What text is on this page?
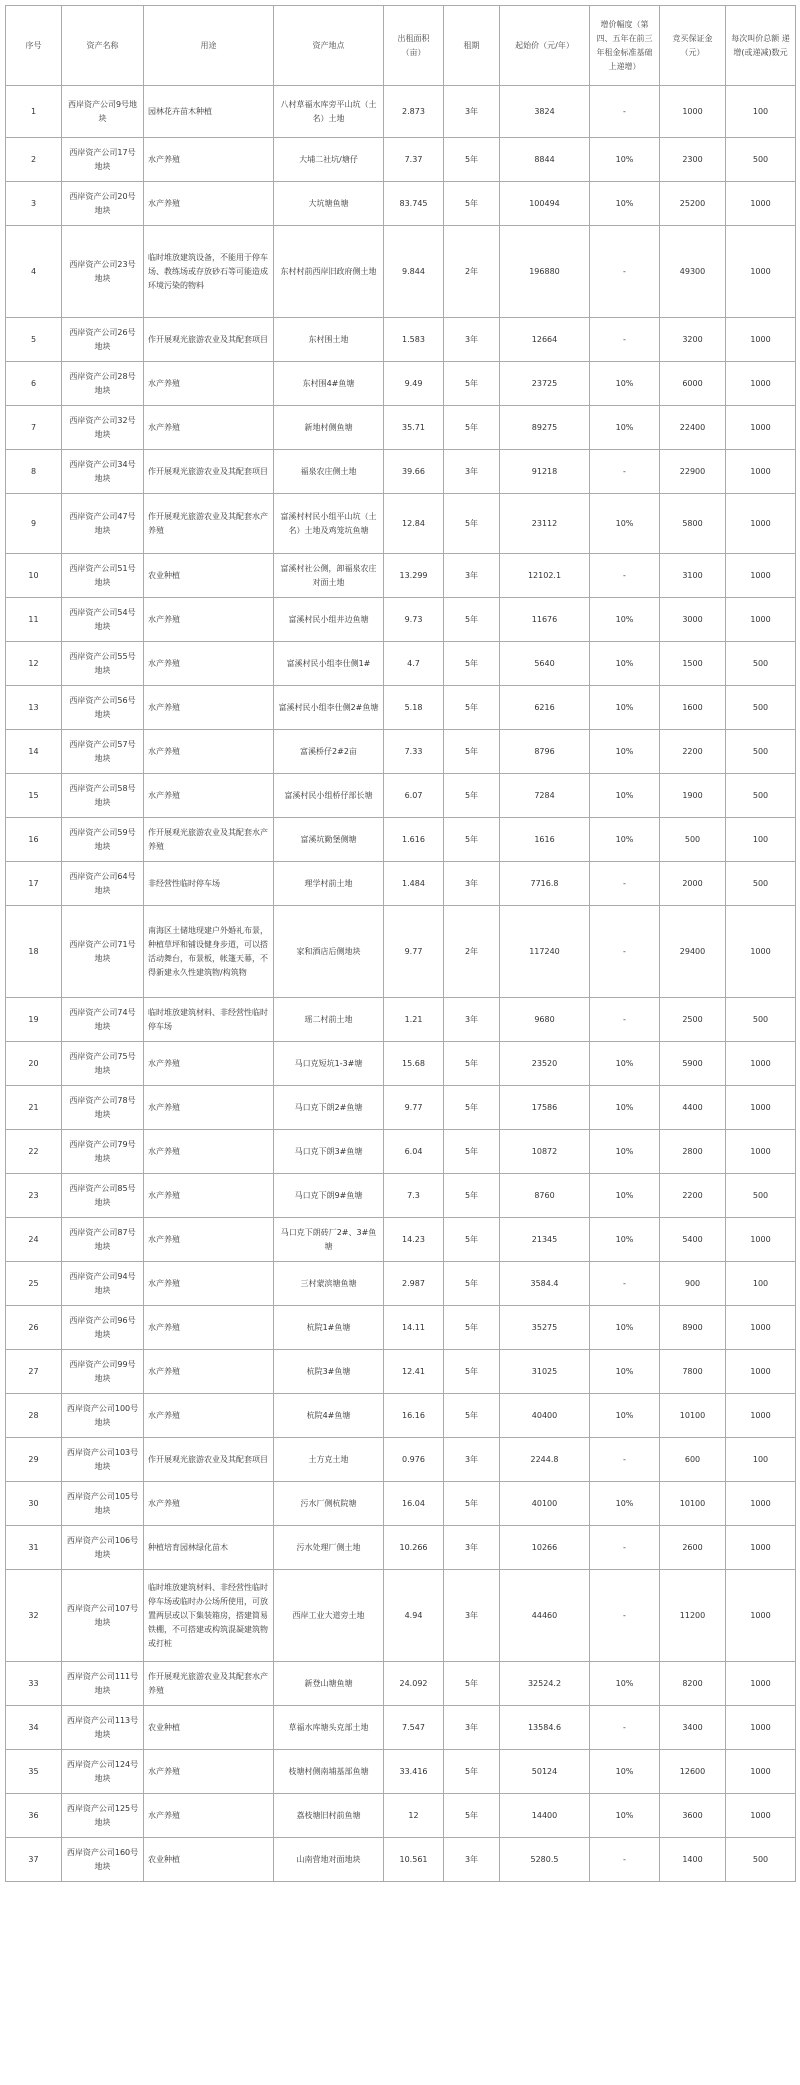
序号	资产名称	用途	资产地点	出租面积（亩）	租期	起始价（元/年）	增价幅度（第四、五年在前三年租金标准基础上递增）	竞买保证金（元）	每次叫价总额 递增(或递减)数元
1	西岸资产公司9号地块	园林花卉苗木种植	八村草福水库旁平山坑（土名）土地	2.873	3年	3824	-	1000	100
2	西岸资产公司17号地块	水产养殖	大埔二社坑/塘仔	7.37	5年	8844	10%	2300	500
3	西岸资产公司20号地块	水产养殖	大坑塘鱼塘	83.745	5年	100494	10%	25200	1000
4	西岸资产公司23号地块	临时堆放建筑设备，不能用于停车场、教练场或存放砂石等可能造成环境污染的物料	东村村前西岸旧政府侧土地	9.844	2年	196880	-	49300	1000
5	西岸资产公司26号地块	作开展观光旅游农业及其配套项目	东村围土地	1.583	3年	12664	-	3200	1000
6	西岸资产公司28号地块	水产养殖	东村围4#鱼塘	9.49	5年	23725	10%	6000	1000
7	西岸资产公司32号地块	水产养殖	新地村侧鱼塘	35.71	5年	89275	10%	22400	1000
8	西岸资产公司34号地块	作开展观光旅游农业及其配套项目	福泉农庄侧土地	39.66	3年	91218	-	22900	1000
9	西岸资产公司47号地块	作开展观光旅游农业及其配套水产养殖	富溪村村民小组平山坑（土名）土地及鸡笼坑鱼塘	12.84	5年	23112	10%	5800	1000
10	西岸资产公司51号地块	农业种植	富溪村社公侧，卸福泉农庄对面土地	13.299	3年	12102.1	-	3100	1000
11	西岸资产公司54号地块	水产养殖	富溪村民小组井边鱼塘	9.73	5年	11676	10%	3000	1000
12	西岸资产公司55号地块	水产养殖	富溪村民小组李仕侧1#	4.7	5年	5640	10%	1500	500
13	西岸资产公司56号地块	水产养殖	富溪村民小组李仕侧2#鱼塘	5.18	5年	6216	10%	1600	500
14	西岸资产公司57号地块	水产养殖	富溪桥仔2#2亩	7.33	5年	8796	10%	2200	500
15	西岸资产公司58号地块	水产养殖	富溪村民小组桥仔部长塘	6.07	5年	7284	10%	1900	500
16	西岸资产公司59号地块	作开展观光旅游农业及其配套水产养殖	富溪坑勤堡侧塘	1.616	5年	1616	10%	500	100
17	西岸资产公司64号地块	非经营性临时停车场	理学村前土地	1.484	3年	7716.8	-	2000	500
18	西岸资产公司71号地块	南海区土储地现建户外婚礼布景，种植草坪和铺设健身步道，可以搭活动舞台，布景板，帐篷天幕，不得新建永久性建筑物/构筑物	家和酒店后侧地块	9.77	2年	117240	-	29400	1000
19	西岸资产公司74号地块	临时堆放建筑材料、非经营性临时停车场	瑶二村前土地	1.21	3年	9680	-	2500	500
20	西岸资产公司75号地块	水产养殖	马口克短坑1-3#塘	15.68	5年	23520	10%	5900	1000
21	西岸资产公司78号地块	水产养殖	马口克下朗2#鱼塘	9.77	5年	17586	10%	4400	1000
22	西岸资产公司79号地块	水产养殖	马口克下朗3#鱼塘	6.04	5年	10872	10%	2800	1000
23	西岸资产公司85号地块	水产养殖	马口克下朗9#鱼塘	7.3	5年	8760	10%	2200	500
24	西岸资产公司87号地块	水产养殖	马口克下朗砖厂2#、3#鱼塘	14.23	5年	21345	10%	5400	1000
25	西岸资产公司94号地块	水产养殖	三村蒙滨塘鱼塘	2.987	5年	3584.4	-	900	100
26	西岸资产公司96号地块	水产养殖	杭院1#鱼塘	14.11	5年	35275	10%	8900	1000
27	西岸资产公司99号地块	水产养殖	杭院3#鱼塘	12.41	5年	31025	10%	7800	1000
28	西岸资产公司100号地块	水产养殖	杭院4#鱼塘	16.16	5年	40400	10%	10100	1000
29	西岸资产公司103号地块	作开展观光旅游农业及其配套项目	土方克土地	0.976	3年	2244.8	-	600	100
30	西岸资产公司105号地块	水产养殖	污水厂侧杭院塘	16.04	5年	40100	10%	10100	1000
31	西岸资产公司106号地块	种植培育园林绿化苗木	污水处理厂侧土地	10.266	3年	10266	-	2600	1000
32	西岸资产公司107号地块	临时堆放建筑材料、非经营性临时停车场或临时办公场所使用，可放置两层或以下集装箱房，搭建简易铁棚，不可搭建或构筑混凝建筑物或打桩	西岸工业大道旁土地	4.94	3年	44460	-	11200	1000
33	西岸资产公司111号地块	作开展观光旅游农业及其配套水产养殖	新登山塘鱼塘	24.092	5年	32524.2	10%	8200	1000
34	西岸资产公司113号地块	农业种植	草福水库塘头克部土地	7.547	3年	13584.6	-	3400	1000
35	西岸资产公司124号地块	水产养殖	枝塘村侧南埔基部鱼塘	33.416	5年	50124	10%	12600	1000
36	西岸资产公司125号地块	水产养殖	荔枝塘旧村前鱼塘	12	5年	14400	10%	3600	1000
37	西岸资产公司160号地块	农业种植	山南营地对面地块	10.561	3年	5280.5	-	1400	500
